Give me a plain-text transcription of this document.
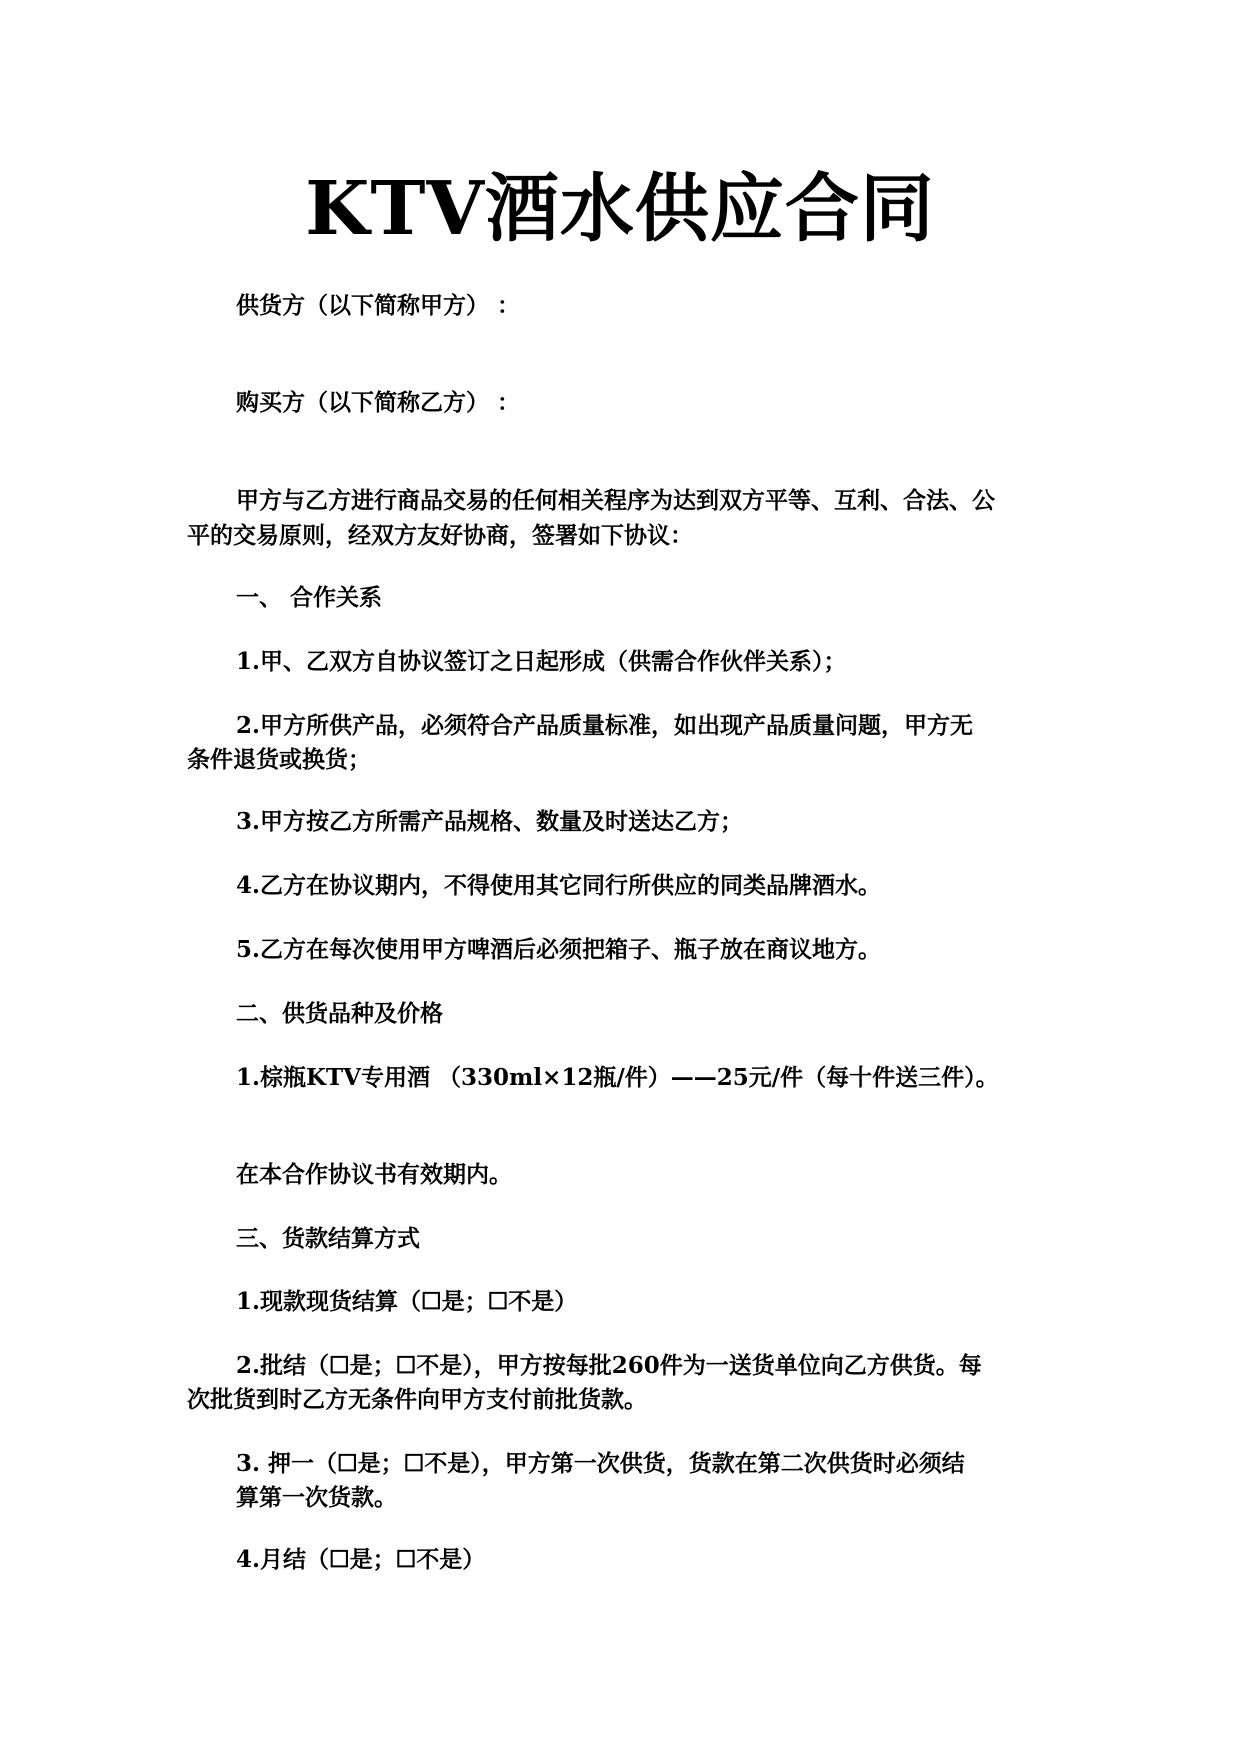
KTV酒水供应合同
供货方（以下简称甲方） ：
购买方（以下简称乙方） ：
甲方与乙方进行商品交易的任何相关程序为达到双方平等、互利、合法、公
平的交易原则，经双方友好协商，签署如下协议：
一、 合作关系
1.甲、乙双方自协议签订之日起形成（供需合作伙伴关系）；
2.甲方所供产品，必须符合产品质量标准，如出现产品质量问题，甲方无
条件退货或换货；
3.甲方按乙方所需产品规格、数量及时送达乙方；
4.乙方在协议期内，不得使用其它同行所供应的同类品牌酒水。
5.乙方在每次使用甲方啤酒后必须把箱子、瓶子放在商议地方。
二、供货品种及价格
1.棕瓶KTV专用酒 （330ml×12瓶/件）——25元/件（每十件送三件）。
在本合作协议书有效期内。
三、货款结算方式
1.现款现货结算（☐是；☐不是）
2.批结（☐是；☐不是），甲方按每批260件为一送货单位向乙方供货。每
次批货到时乙方无条件向甲方支付前批货款。
3. 押一（☐是；☐不是），甲方第一次供货，货款在第二次供货时必须结
算第一次货款。
4.月结（☐是；☐不是）
